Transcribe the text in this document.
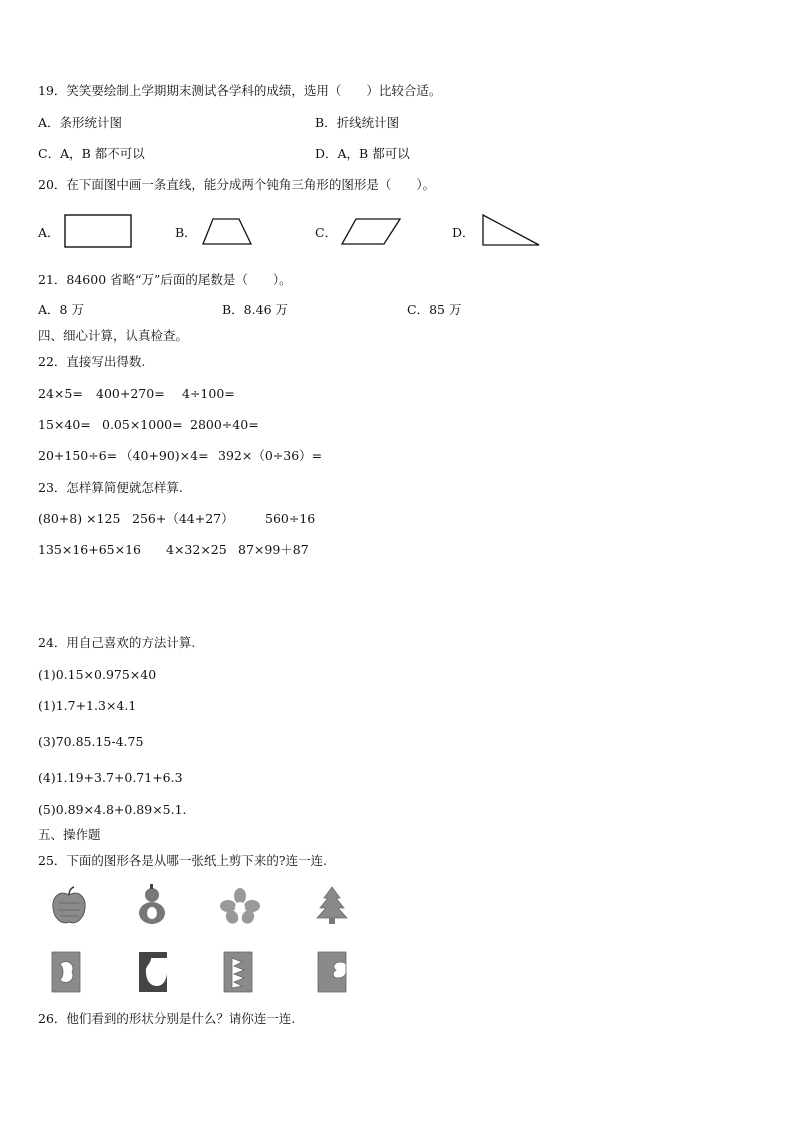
19．笑笑要绘制上学期期末测试各学科的成绩，选用（　　）比较合适。
A．条形统计图	B．折线统计图
C．A，B 都不可以	D．A，B 都可以
20．在下面图中画一条直线，能分成两个钝角三角形的图形是（　　）。
A．	B．	C．	D．
21．84600 省略“万”后面的尾数是（　　）。
A．8 万	B．8.46 万	C．85 万
四、细心计算，认真检查。
22．直接写出得数.
24×5= 400+270= 4÷100=
15×40= 0.05×1000= 2800÷40=
20+150÷6= （40+90)×4= 392×（0÷36）=
23．怎样算简便就怎样算.
(80+8) ×125 256+（44+27）	560÷16
135×16+65×16 4×32×25 87×99＋87
24．用自己喜欢的方法计算.
(1)0.15×0.975×40
(1)1.7+1.3×4.1
(3)70.85.15-4.75
(4)1.19+3.7+0.71+6.3
(5)0.89×4.8+0.89×5.1.
五、操作题
25．下面的图形各是从哪一张纸上剪下来的?连一连.
26．他们看到的形状分别是什么？请你连一连.
